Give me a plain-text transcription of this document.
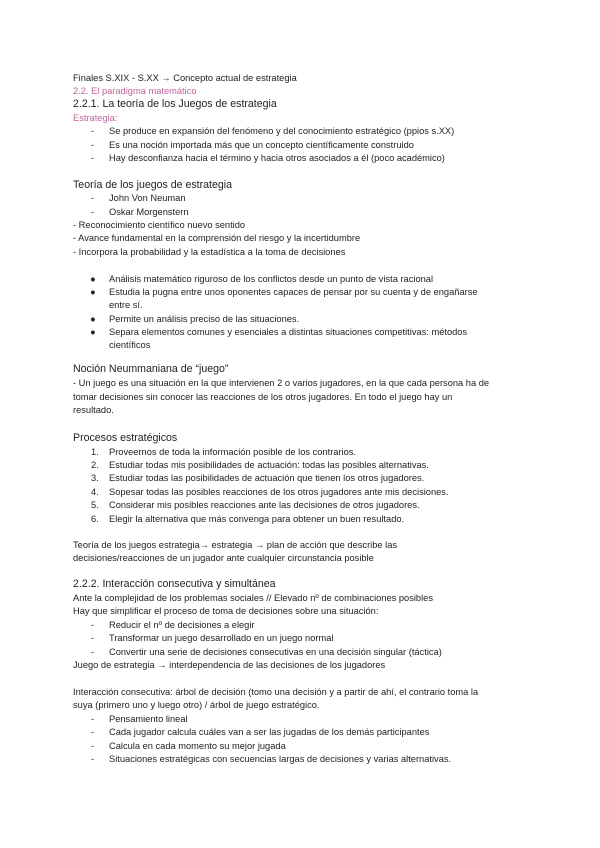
Finales S.XIX - S.XX → Concepto actual de estrategia
2.2. El paradigma matemático
2.2.1. La teoría de los Juegos de estrategia
Estrategia:
- Se produce en expansión del fenómeno y del conocimiento estratégico (ppios s.XX)
- Es una noción importada más que un concepto científicamente construido
- Hay desconfianza hacia el término y hacia otros asociados a él (poco académico)
Teoría de los juegos de estrategia
- John Von Neuman
- Oskar Morgenstern
- Reconocimiento científico nuevo sentido
- Avance fundamental en la comprensión del riesgo y la incertidumbre
- Incorpora la probabilidad y la estadística a la toma de decisiones
● Análisis matemático riguroso de los conflictos desde un punto de vista racional
● Estudia la pugna entre unos oponentes capaces de pensar por su cuenta y de engañarse
entre sí.
● Permite un análisis preciso de las situaciones.
● Separa elementos comunes y esenciales a distintas situaciones competitivas: métodos
científicos
Noción Neummaniana de “juego”
- Un juego es una situación en la que intervienen 2 o varios jugadores, en la que cada persona ha de
tomar decisiones sin conocer las reacciones de los otros jugadores. En todo el juego hay un
resultado.
Procesos estratégicos
1. Proveernos de toda la información posible de los contrarios.
2. Estudiar todas mis posibilidades de actuación: todas las posibles alternativas.
3. Estudiar todas las posibilidades de actuación que tienen los otros jugadores.
4. Sopesar todas las posibles reacciones de los otros jugadores ante mis decisiones.
5. Considerar mis posibles reacciones ante las decisiones de otros jugadores.
6. Elegir la alternativa que más convenga para obtener un buen resultado.
Teoría de los juegos estrategia→ estrategia → plan de acción que describe las
decisiones/reacciones de un jugador ante cualquier circunstancia posible
2.2.2. Interacción consecutiva y simultánea
Ante la complejidad de los problemas sociales // Elevado nº de combinaciones posibles
Hay que simplificar el proceso de toma de decisiones sobre una situación:
- Reducir el nº de decisiones a elegir
- Transformar un juego desarrollado en un juego normal
- Convertir una serie de decisiones consecutivas en una decisión singular (táctica)
Juego de estrategia → interdependencia de las decisiones de los jugadores
Interacción consecutiva: árbol de decisión (tomo una decisión y a partir de ahí, el contrario toma la
suya (primero uno y luego otro) / árbol de juego estratégico.
- Pensamiento lineal
- Cada jugador calcula cuáles van a ser las jugadas de los demás participantes
- Calcula en cada momento su mejor jugada
- Situaciones estratégicas con secuencias largas de decisiones y varias alternativas.
